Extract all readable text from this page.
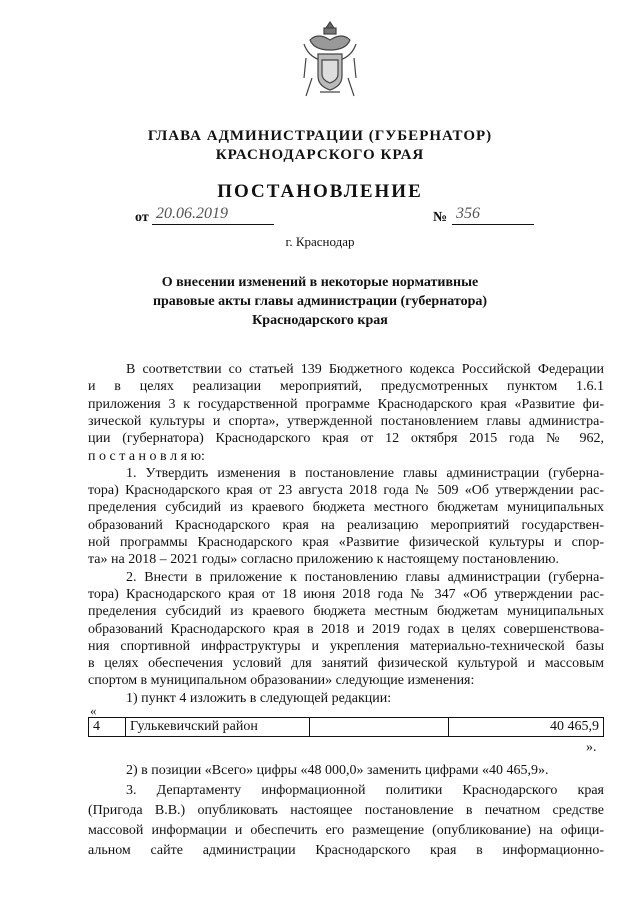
ГЛАВА АДМИНИСТРАЦИИ (ГУБЕРНАТОР)
КРАСНОДАРСКОГО КРАЯ
ПОСТАНОВЛЕНИЕ
от 20.06.2019	№ 356
г. Краснодар
О внесении изменений в некоторые нормативные
правовые акты главы администрации (губернатора)
Краснодарского края
В соответствии со статьей 139 Бюджетного кодекса Российской Федерации
и в целях реализации мероприятий, предусмотренных пунктом 1.6.1
приложения 3 к государственной программе Краснодарского края «Развитие фи-
зической культуры и спорта», утвержденной постановлением главы администра-
ции (губернатора) Краснодарского края от 12 октября 2015 года № 962,
п о с т а н о в л я ю:
1. Утвердить изменения в постановление главы администрации (губерна-
тора) Краснодарского края от 23 августа 2018 года № 509 «Об утверждении рас-
пределения субсидий из краевого бюджета местного бюджетам муниципальных
образований Краснодарского края на реализацию мероприятий государствен-
ной программы Краснодарского края «Развитие физической культуры и спор-
та» на 2018 – 2021 годы» согласно приложению к настоящему постановлению.
2. Внести в приложение к постановлению главы администрации (губерна-
тора) Краснодарского края от 18 июня 2018 года № 347 «Об утверждении рас-
пределения субсидий из краевого бюджета местным бюджетам муниципальных
образований Краснодарского края в 2018 и 2019 годах в целях совершенствова-
ния спортивной инфраструктуры и укрепления материально-технической базы
в целях обеспечения условий для занятий физической культурой и массовым
спортом в муниципальном образовании» следующие изменения:
1) пункт 4 изложить в следующей редакции:
«
4	Гулькевичский район		40 465,9
».
2) в позиции «Всего» цифры «48 000,0» заменить цифрами «40 465,9».
3. Департаменту информационной политики Краснодарского края
(Пригода В.В.) опубликовать настоящее постановление в печатном средстве
массовой информации и обеспечить его размещение (опубликование) на офици-
альном сайте администрации Краснодарского края в информационно-
